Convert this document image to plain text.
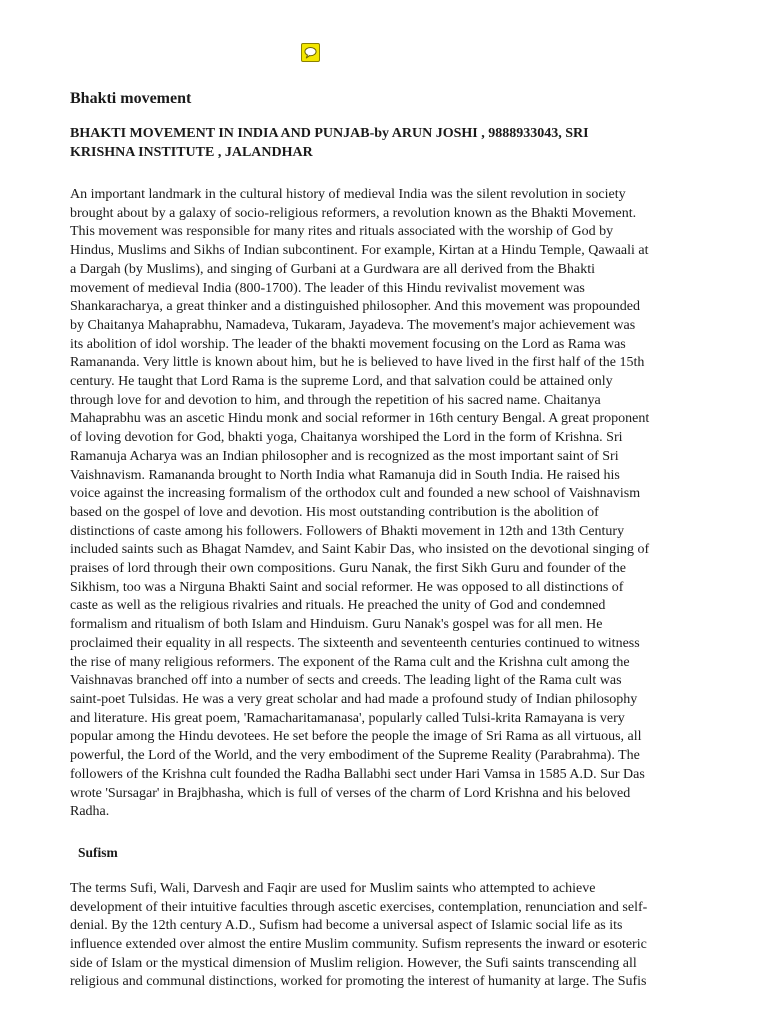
Bhakti movement

BHAKTI MOVEMENT IN INDIA AND PUNJAB-by ARUN JOSHI , 9888933043, SRI
KRISHNA INSTITUTE , JALANDHAR

An important landmark in the cultural history of medieval India was the silent revolution in society
brought about by a galaxy of socio-religious reformers, a revolution known as the Bhakti Movement.
This movement was responsible for many rites and rituals associated with the worship of God by
Hindus, Muslims and Sikhs of Indian subcontinent. For example, Kirtan at a Hindu Temple, Qawaali at
a Dargah (by Muslims), and singing of Gurbani at a Gurdwara are all derived from the Bhakti
movement of medieval India (800-1700). The leader of this Hindu revivalist movement was
Shankaracharya, a great thinker and a distinguished philosopher. And this movement was propounded
by Chaitanya Mahaprabhu, Namadeva, Tukaram, Jayadeva. The movement's major achievement was
its abolition of idol worship. The leader of the bhakti movement focusing on the Lord as Rama was
Ramananda. Very little is known about him, but he is believed to have lived in the first half of the 15th
century. He taught that Lord Rama is the supreme Lord, and that salvation could be attained only
through love for and devotion to him, and through the repetition of his sacred name. Chaitanya
Mahaprabhu was an ascetic Hindu monk and social reformer in 16th century Bengal. A great proponent
of loving devotion for God, bhakti yoga, Chaitanya worshiped the Lord in the form of Krishna. Sri
Ramanuja Acharya was an Indian philosopher and is recognized as the most important saint of Sri
Vaishnavism. Ramananda brought to North India what Ramanuja did in South India. He raised his
voice against the increasing formalism of the orthodox cult and founded a new school of Vaishnavism
based on the gospel of love and devotion. His most outstanding contribution is the abolition of
distinctions of caste among his followers. Followers of Bhakti movement in 12th and 13th Century
included saints such as Bhagat Namdev, and Saint Kabir Das, who insisted on the devotional singing of
praises of lord through their own compositions. Guru Nanak, the first Sikh Guru and founder of the
Sikhism, too was a Nirguna Bhakti Saint and social reformer. He was opposed to all distinctions of
caste as well as the religious rivalries and rituals. He preached the unity of God and condemned
formalism and ritualism of both Islam and Hinduism. Guru Nanak's gospel was for all men. He
proclaimed their equality in all respects. The sixteenth and seventeenth centuries continued to witness
the rise of many religious reformers. The exponent of the Rama cult and the Krishna cult among the
Vaishnavas branched off into a number of sects and creeds. The leading light of the Rama cult was
saint-poet Tulsidas. He was a very great scholar and had made a profound study of Indian philosophy
and literature. His great poem, 'Ramacharitamanasa', popularly called Tulsi-krita Ramayana is very
popular among the Hindu devotees. He set before the people the image of Sri Rama as all virtuous, all
powerful, the Lord of the World, and the very embodiment of the Supreme Reality (Parabrahma). The
followers of the Krishna cult founded the Radha Ballabhi sect under Hari Vamsa in 1585 A.D. Sur Das
wrote 'Sursagar' in Brajbhasha, which is full of verses of the charm of Lord Krishna and his beloved
Radha.

Sufism

The terms Sufi, Wali, Darvesh and Faqir are used for Muslim saints who attempted to achieve
development of their intuitive faculties through ascetic exercises, contemplation, renunciation and self-
denial. By the 12th century A.D., Sufism had become a universal aspect of Islamic social life as its
influence extended over almost the entire Muslim community. Sufism represents the inward or esoteric
side of Islam or the mystical dimension of Muslim religion. However, the Sufi saints transcending all
religious and communal distinctions, worked for promoting the interest of humanity at large. The Sufis
